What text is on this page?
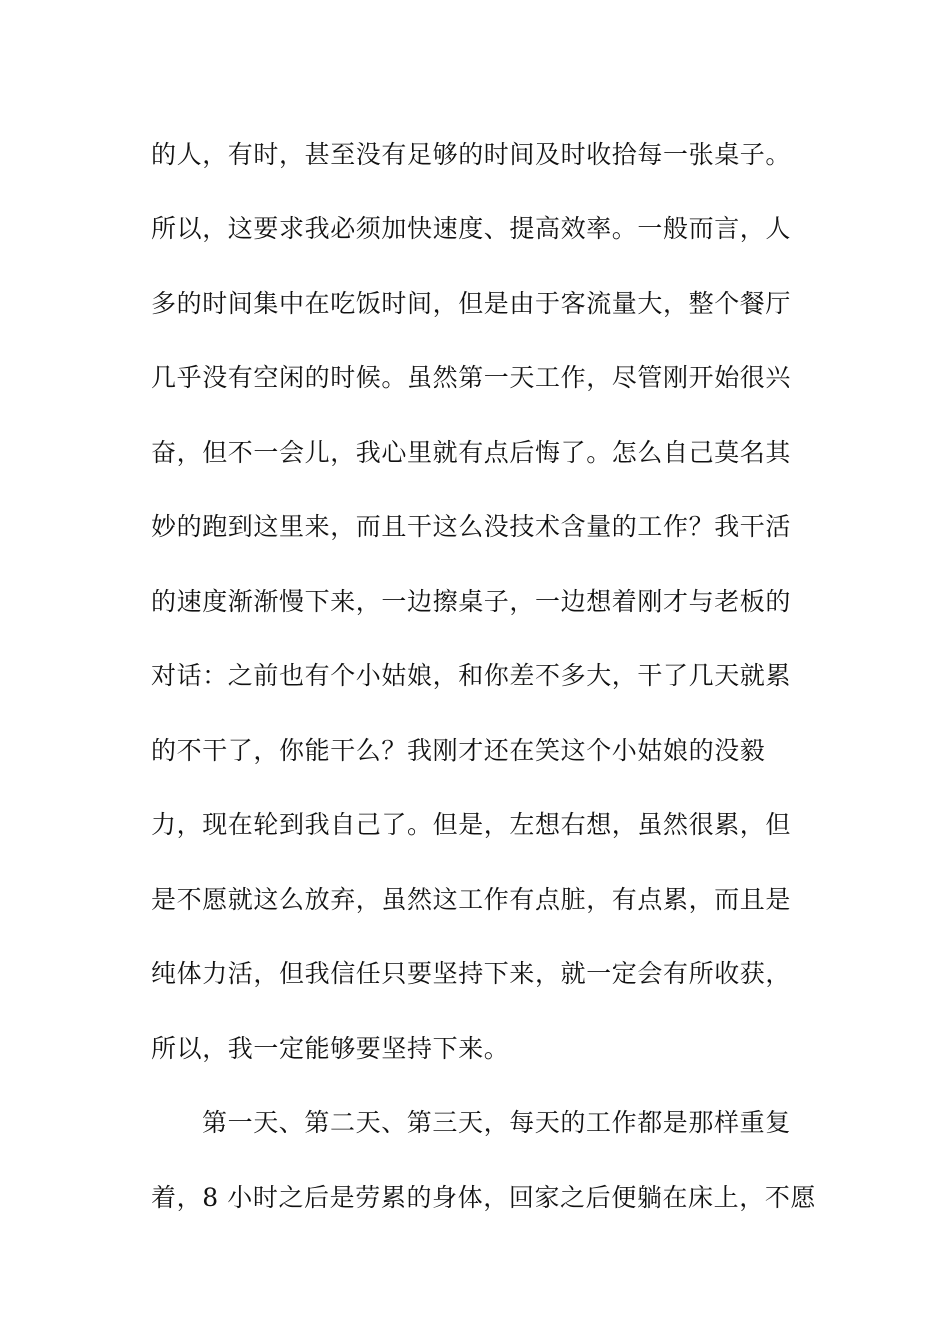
的人，有时，甚至没有足够的时间及时收拾每一张桌子。
所以，这要求我必须加快速度、提高效率。一般而言，人
多的时间集中在吃饭时间，但是由于客流量大，整个餐厅
几乎没有空闲的时候。虽然第一天工作，尽管刚开始很兴
奋，但不一会儿，我心里就有点后悔了。怎么自己莫名其
妙的跑到这里来，而且干这么没技术含量的工作？我干活
的速度渐渐慢下来，一边擦桌子，一边想着刚才与老板的
对话：之前也有个小姑娘，和你差不多大，干了几天就累
的不干了，你能干么？我刚才还在笑这个小姑娘的没毅
力，现在轮到我自己了。但是，左想右想，虽然很累，但
是不愿就这么放弃，虽然这工作有点脏，有点累，而且是
纯体力活，但我信任只要坚持下来，就一定会有所收获，
所以，我一定能够要坚持下来。
第一天、第二天、第三天，每天的工作都是那样重复
着，8 小时之后是劳累的身体，回家之后便躺在床上，不愿
